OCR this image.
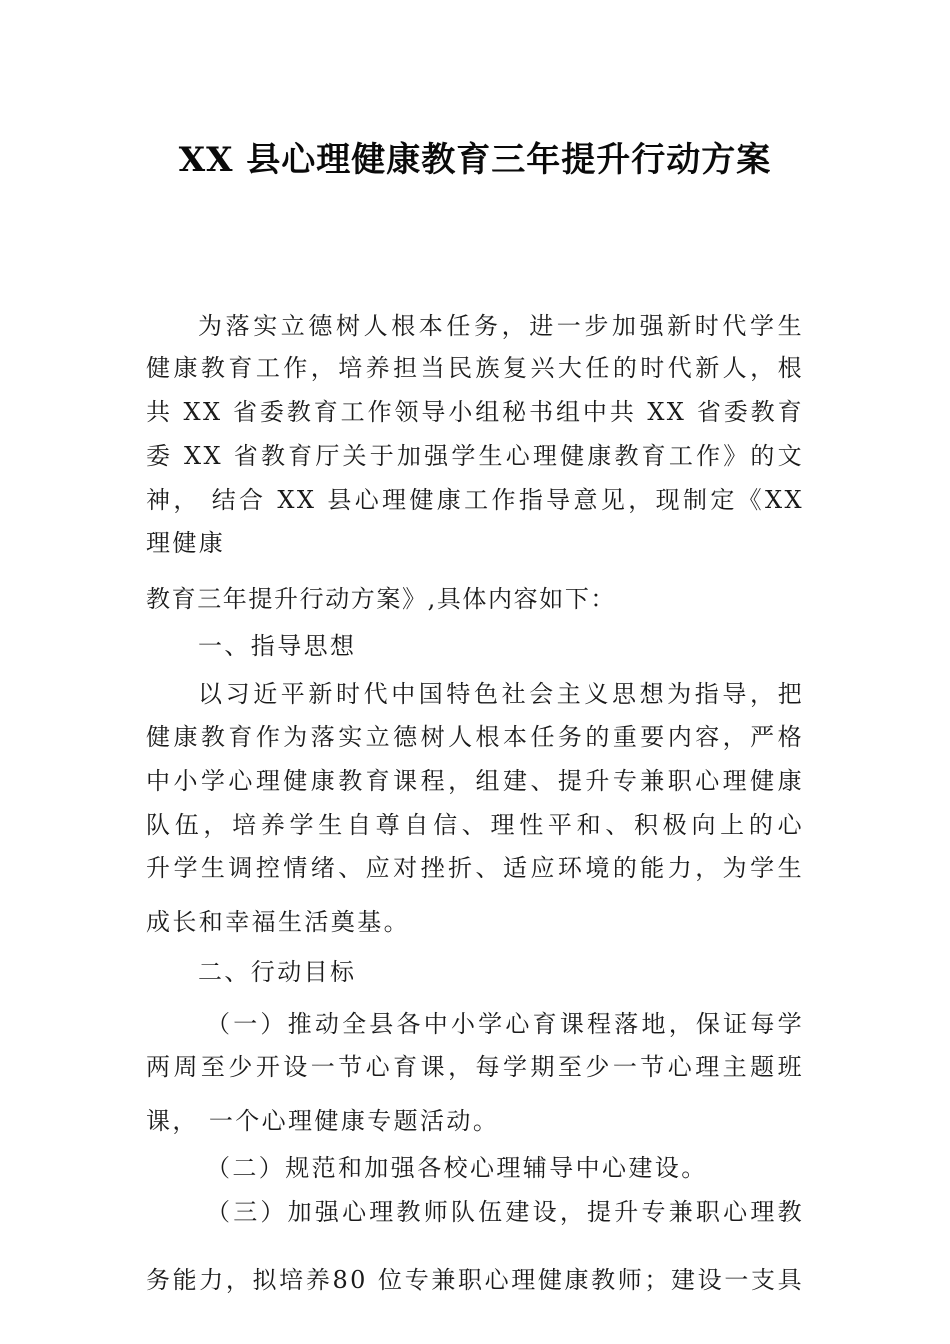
XX 县心理健康教育三年提升行动方案
为落实立德树人根本任务，进一步加强新时代学生
健康教育工作，培养担当民族复兴大任的时代新人，根
共 XX 省委教育工作领导小组秘书组中共 XX 省委教育
委 XX 省教育厅关于加强学生心理健康教育工作》的文
神， 结合 XX 县心理健康工作指导意见，现制定《XX
理健康
教育三年提升行动方案》,具体内容如下：
一、指导思想
以习近平新时代中国特色社会主义思想为指导，把
健康教育作为落实立德树人根本任务的重要内容，严格
中小学心理健康教育课程，组建、提升专兼职心理健康
队伍，培养学生自尊自信、理性平和、积极向上的心
升学生调控情绪、应对挫折、适应环境的能力，为学生
成长和幸福生活奠基。
二、行动目标
（一）推动全县各中小学心育课程落地，保证每学
两周至少开设一节心育课，每学期至少一节心理主题班
课， 一个心理健康专题活动。
（二）规范和加强各校心理辅导中心建设。
（三）加强心理教师队伍建设，提升专兼职心理教
务能力，拟培养80 位专兼职心理健康教师；建设一支具
